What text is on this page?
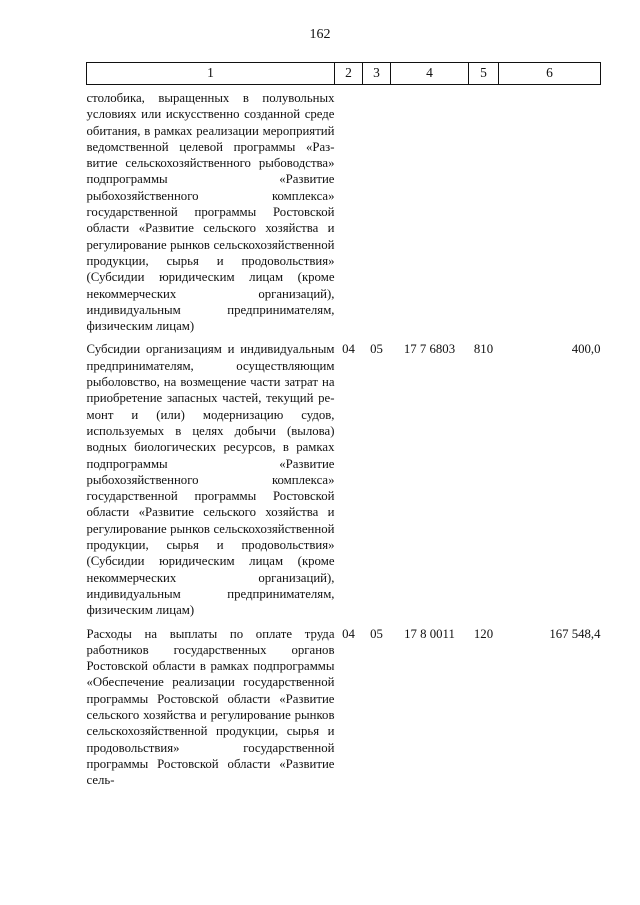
162
1	2	3	4	5	6
столобика, выращенных в полувольных условиях или искусственно созданной среде обитания, в рамках реализации мероприятий ведомственной целевой программы «Развитие сельскохозяйственного рыбоводства» подпрограммы «Развитие рыбохозяйственного комплекса» государственной программы Ростовской области «Развитие сельского хозяйства и регулирование рынков сельскохозяйственной продукции, сырья и продовольствия» (Субсидии юридическим лицам (кроме некоммерческих организаций), индивидуальным предпринимателям, физическим лицам)					
Субсидии организациям и индивидуальным предпринимателям, осуществляющим рыболовство, на возмещение части затрат на приобретение запасных частей, текущий ремонт и (или) модернизацию судов, используемых в целях добычи (вылова) водных биологических ресурсов, в рамках подпрограммы «Развитие рыбохозяйственного комплекса» государственной программы Ростовской области «Развитие сельского хозяйства и регулирование рынков сельскохозяйственной продукции, сырья и продовольствия» (Субсидии юридическим лицам (кроме некоммерческих организаций), индивидуальным предпринимателям, физическим лицам)	04	05	17 7 6803	810	400,0
Расходы на выплаты по оплате труда работников государственных органов Ростовской области в рамках подпрограммы «Обеспечение реализации государственной программы Ростовской области «Развитие сельского хозяйства и регулирование рынков сельскохозяйственной продукции, сырья и продовольствия» государственной программы Ростовской области «Развитие сель-	04	05	17 8 0011	120	167 548,4
